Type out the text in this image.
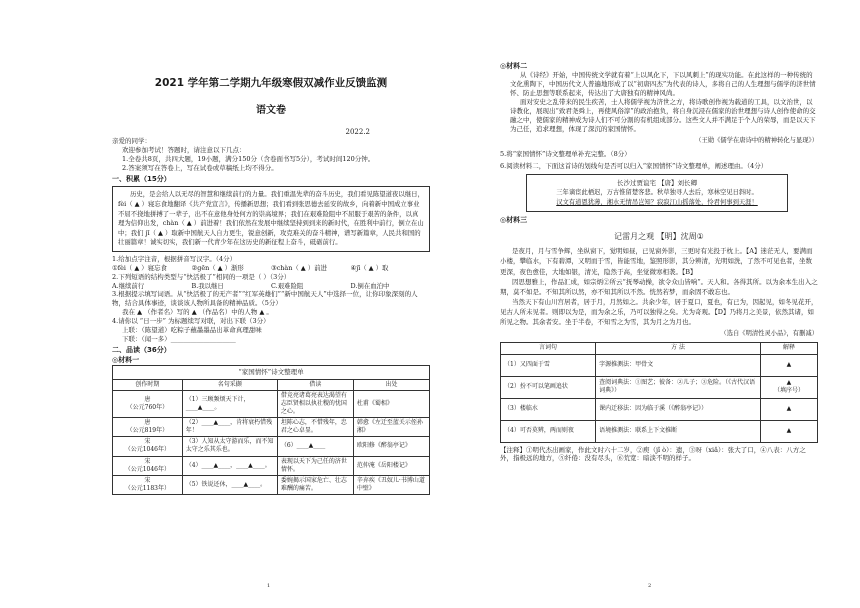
2021 学年第二学期九年级寒假双减作业反馈监测
语文卷
2022.2
亲爱的同学：
欢迎参加考试！答题时，请注意以下几点：
1.全卷共8页，共四大题，19小题，满分150分（含卷面书写5分），考试时间120分钟。
2.答案须写在答卷上，写在试卷或草稿纸上均不得分。
一、积累（15分）
历史，是会给人以无尽的智慧和继续前行的力量。我们重温先辈的奋斗历史，我们看见陈望道夜以继日，fèi（ ▲ ）寝忘食地翻译《共产党宣言》，传播新思想；我们看到张思德去延安的故乡，向着新中国成立事业不屈不挠地拼搏了一辈子，出不在意他身处何方的崇高境界；我们在艰难险阻中不屈服于艰苦的条件，以真理为信仰出发，chàn（ ▲ ）前进着！我们依然在发展中继续坚持到到来的新时代，在胜利中前行，倒立在山中；我们 jī（ ▲ ）取新中国航天人自力更生，锐意创新，攻克难关的奋斗精神，谱写新篇章，人民共和国的壮丽篇章！诚实切实，我们新一代青少年在这历史的新征程上奋斗，砥砺前行。
1.给加点字注音，根据拼音写汉字。（4分）
①fèi（ ▲ ）寝忘食	②gēn（ ▲ ）渐形	③chàn（ ▲ ）前进	④jī（ ▲ ）取
2.下列短语的结构类型与“快活极了”相同的一项是（ ）（3分）
A.继续前行	B.我以继日	C.艰难险阻	D.倒在血泊中
3.根据提示填写词语。从“快活极了的无产者”“红军英雄们”“新中国航天人”中选择一位，让你印象深刻的人物，结合具体事迹，谈谈该人物所具备的精神品质。（5分）
我在 ▲ （作者名）写的 ▲ （作品名）中的人物 ▲ 。
4.请你以 “日一步” 为标题续写对联，对出下联（3分）
上联：（陈望道）吃粽子蘸墨墨品出革命真理甜味
下联：（闻一多）____________________
二、品读（36分）
◎材料一
“家国情怀”诗文整理单
创作时期	名句采撷	借读	出处

唐
（公元760年）	（1）三顾频烦天下计，____▲____。	借竞亮诸葛亮表达渴望有志臣贤相以执社稷的忧国之心。	杜甫《蜀相》

唐
（公元819年）	（2）____▲____，肯将衰朽惜残年！	坦陈心志，不惜残年，忠君之心卓显。	韩愈《左迁至蓝关示侄孙湘》

宋
（公元1046年）	（3）人知从太守游而乐，而不知太守之乐其乐也。	（6）____▲____	欧阳修《醉翁亭记》

宋
（公元1046年）	（4）____▲____，____▲____。	表现以天下为己任的济世情怀。	范仲淹《岳阳楼记》

宋
（公元1183年）	（5）铁说还休，____▲____。	委婉揭示国家危亡、壮志难酬的痛苦。	辛弃疾《丑奴儿·书博山道中壁》
1
◎材料二
从《诗经》开始，中国传统文学就有着“上以风化下，下以风刺上”的现实功能。在此这样的一种传统的文化熏陶下，中国历代文人普遍地形成了以“初唐四杰”为代表的诗人，多将自己的人生理想与儒学的济世情怀、防止思想等联系起来，传达出了大唐独有的精神风尚。
面对安史之乱带来的民生疾苦，士人将儒学视为济世之方，将诗歌创作视为载道的工具，以文治世，以诗教化，展现出“致君尧舜上，再使风俗淳”的政治抱负，将自身沉浸在儒家的治世理想与诗人创作使命的交融之中，使儒家的精神成为诗人们不可分割的有机组成部分。这些文人并不满足于个人的荣辱，而是以天下为己任，追求理想，体现了深沉的家国情怀。
（王勋《儒学在唐诗中的精神转化与显现》）
5.将“家国情怀”诗文整理单补充完整。（8分）
6.阅读材料二，下面这首诗的划线句是否可以归入“家国情怀”诗文整理单，阐述理由。（4分）
长沙过贾谊宅 【唐】刘长卿
三年谪宦此栖迟，万古惟留楚客悲。秋草独寻人去后，寒林空见日斜时。
汉文有道恩犹薄，湘水无情吊岂知？寂寂江山摇落处，怜君何事到天涯！
◎材料三
记雷月之观 【明】沈周①
是夜月，月与雪争辉，坐纵窗下，觉明如昼，已见窗外影，三更时有光投于枕上。【A】迷茫无人，要满而小楼，攀临水，下有碧潭，又明而于雪，皆能雪地，鉴照形影，其分辨清，光明如洗，了然不可见也者，坐数更深，夜色愈佳，大地如银，清光，隐然于高，坐觉微寒相袭。【B】
因思想雅上，作品汇成，如宗炳②所云“抚琴动操，欲令众山皆响”。天人和。各得其所。以为余本生出入之期，莫不如是。不知其所以然，亦不知其所以不然。恍然若梦，而余固不敢忘也。
当然天下有山川宫居者，居于月，月然如之。共余少年，居于夏口，夏也，有已为，因起见，如冬见花开，见古人所未见者。则即以为是，而为余之乐，乃可以独得之矣。尤为奇观。【D】乃将月之美景，依然其诸，如所见之物。其余者安。坐于半卷，不知雪之为雪，其为月之为月也。
（选自《明清性灵小品》，有删减）
言词句	方 法	解释
（1）又四面于雪	字源推测法：甲骨文	▲
（2）扮不可以笔画追状	查阅词典法：①图艺；彼备：②儿子；③危险。（《古代汉语词典》）	▲
（填序号）
（3）楼临水	课内迁移法：因为临于溪（《醉翁亭记》）	▲
（4）可否莫辨，两而则夜	语境推测法：联系上下文推断	▲
【注释】①明代杰出画家，作此文时六十二岁，②庾（jǐ ò）：遗，③呀（xiǎ）：张大了口，④八表：八方之外，指极远的地方，⑤纤倦：没有尽头，⑥荒宽：暗淡不明的样子。
2
